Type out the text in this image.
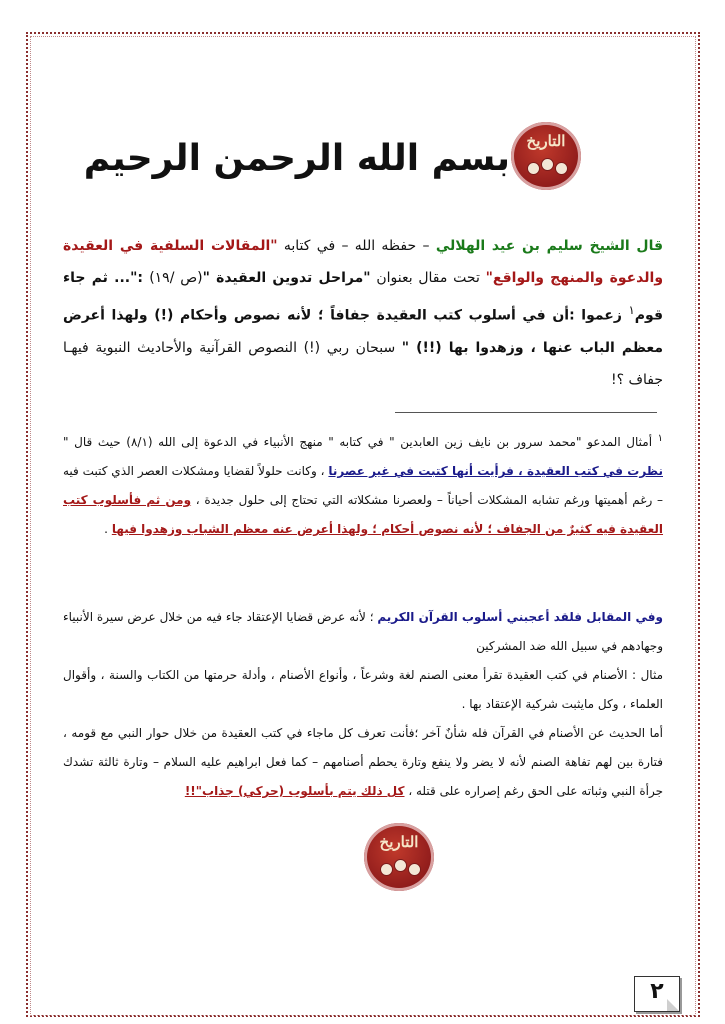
التاريخ
بسم الله الرحمن الرحيم
قال الشيخ سليم بن عيد الهلالي – حفظه الله – في كتابه "المقالات السلفية في العقيدة والدعوة والمنهج والواقع" تحت مقال بعنوان "مراحل تدوين العقيدة "(ص /١٩) :"... ثم جاء قوم$^١$ زعموا :أن في أسلوب كتب العقيدة جفافاً ؛ لأنه نصوص وأحكام (!) ولهذا أعرض معظم الباب عنها ، وزهدوا بها (!!) " سبحان ربي (!) النصوص القرآنية والأحاديث النبوية فيهـا جفاف ؟!
$^١$ أمثال المدعو "محمد سرور بن نايف زين العابدين " في كتابه " منهج الأنبياء في الدعوة إلى الله (٨/١) حيث قال " نظرت في كتب العقيدة ، فرأيت أنها كتبت في غير عصرنا ، وكانت حلولاً لقضايا ومشكلات العصر الذي كتبت فيه – رغم أهميتها ورغم تشابه المشكلات أحياناً – ولعصرنا مشكلاته التي تحتاج إلى حلول جديدة ، ومن ثم فأسلوب كتب العقيدة فيه كثيرٌ من الجفاف ؛ لأنه نصوص أحكام ؛ ولهذا أعرض عنه معظم الشباب وزهدوا فيها .
وفي المقابل فلقد أعجبني أسلوب القرآن الكريم ؛ لأنه عرض قضايا الإعتقاد جاء فيه من خلال عرض سيرة الأنبياء وجهادهم في سبيل الله ضد المشركين
مثال : الأصنام في كتب العقيدة تقرأ معنى الصنم لغة وشرعاً ، وأنواع الأصنام ، وأدلة حرمتها من الكتاب والسنة ، وأقوال العلماء ، وكل مايثبت شركية الإعتقاد بها .
أما الحديث عن الأصنام في القرآن فله شأنٌ آخر ؛فأنت تعرف كل ماجاء في كتب العقيدة من خلال حوار النبي مع قومه ، فتارة بين لهم تفاهة الصنم لأنه لا يضر ولا ينفع وتارة يحطم أصنامهم – كما فعل ابراهيم عليه السلام – وتارة ثالثة تشدك جرأة النبي وثباته على الحق رغم إصراره على قتله ، كل ذلك يتم بأسلوب (حركي) جذاب"!!
التاريخ
٢
